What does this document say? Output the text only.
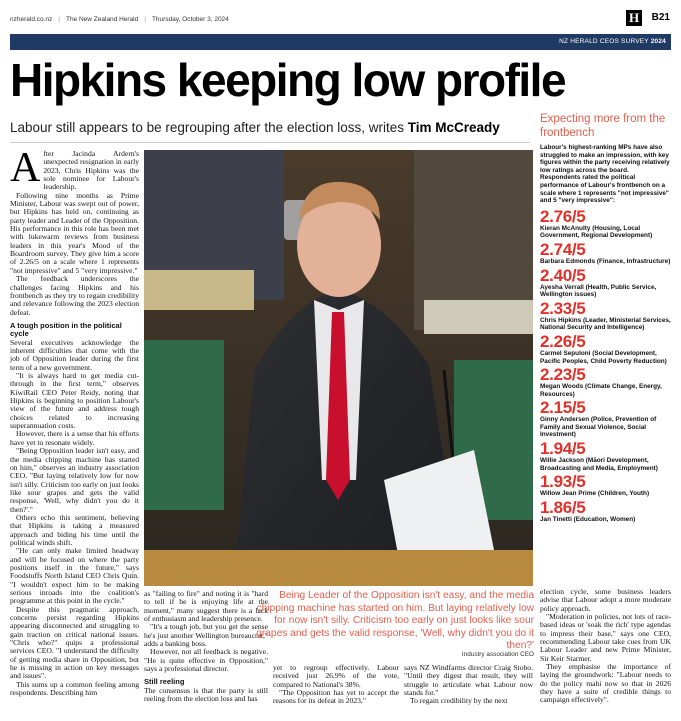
nzherald.co.nz | The New Zealand Herald | Thursday, October 3, 2024	H B21
NZ HERALD CEOS SURVEY 2024
Hipkins keeping low profile
Labour still appears to be regrouping after the election loss, writes Tim McCready

After Jacinda Ardern's unexpected resignation in early 2023, Chris Hipkins was the sole nominee for Labour's leadership.

Following nine months as Prime Minister, Labour was swept out of power, but Hipkins has held on, continuing as party leader and Leader of the Opposition. His performance in this role has been met with lukewarm reviews from business leaders in this year's Mood of the Boardroom survey. They give him a score of 2.26/5 on a scale where 1 represents "not impressive" and 5 "very impressive."

The feedback underscores the challenges facing Hipkins and his frontbench as they try to regain credibility and relevance following the 2023 election defeat.

A tough position in the political cycle

Several executives acknowledge the inherent difficulties that come with the job of Opposition leader during the first term of a new government.

"It is always hard to get media cut-through in the first term," observes KiwiRail CEO Peter Reidy, noting that Hipkins is beginning to position Labour's view of the future and address tough choices related to increasing superannuation costs.

However, there is a sense that his efforts have yet to resonate widely.

"Being Opposition leader isn't easy, and the media chipping machine has started on him," observes an industry association CEO. "But laying relatively low for now isn't silly. Criticism too early on just looks like sour grapes and gets the valid response, 'Well, why didn't you do it then?'."

Others echo this sentiment, believing that Hipkins is taking a measured approach and biding his time until the political winds shift.

"He can only make limited headway and will be focused on where the party positions itself in the future," says Foodstuffs North Island CEO Chris Quin. "I wouldn't expect him to be making serious inroads into the coalition's programme at this point in the cycle."

Despite this pragmatic approach, concerns persist regarding Hipkins appearing disconnected and struggling to gain traction on critical national issues. "Chris who?" quips a professional services CEO. "I understand the difficulty of getting media share in Opposition, but he is missing in action on key messages and issues".

This sums up a common feeling among respondents. Describing him

as "failing to fire" and noting it is "hard to tell if he is enjoying life at the moment," many suggest there is a lack of enthusiasm and leadership presence.

"It's a tough job, but you get the sense he's just another Wellington bureaucrat," adds a banking boss.

However, not all feedback is negative. "He is quite effective in Opposition," says a professional director.

Still reeling

The consensus is that the party is still reeling from the election loss and has

Being Leader of the Opposition isn't easy, and the media chipping machine has started on him. But laying relatively low for now isn't silly. Criticism too early on just looks like sour grapes and gets the valid response, 'Well, why didn't you do it then?'
Industry association CEO

yet to regroup effectively. Labour received just 26.9% of the vote, compared to National's 38%.

"The Opposition has yet to accept the reasons for its defeat in 2023,"

says NZ Windfarms director Craig Stobo. "Until they digest that result, they will struggle to articulate what Labour now stands for."

To regain credibility by the next

Expecting more from the frontbench
Labour's highest-ranking MPs have also struggled to make an impression, with key figures within the party receiving relatively low ratings across the board. Respondents rated the political performance of Labour's frontbench on a scale where 1 represents "not impressive" and 5 "very impressive":
2.76/5
Kieran McAnulty (Housing, Local Government, Regional Development)
2.74/5
Barbara Edmonds (Finance, Infrastructure)
2.40/5
Ayesha Verrall (Health, Public Service, Wellington issues)
2.33/5
Chris Hipkins (Leader, Ministerial Services, National Security and Intelligence)
2.26/5
Carmel Sepuloni (Social Development, Pacific Peoples, Child Poverty Reduction)
2.23/5
Megan Woods (Climate Change, Energy, Resources)
2.15/5
Ginny Andersen (Police, Prevention of Family and Sexual Violence, Social Investment)
1.94/5
Willie Jackson (Māori Development, Broadcasting and Media, Employment)
1.93/5
Willow Jean Prime (Children, Youth)
1.86/5
Jan Tinetti (Education, Women)

election cycle, some business leaders advise that Labour adopt a more moderate policy approach.

"Moderation in policies, not lots of race-based ideas or 'soak the rich' type agendas to impress their base," says one CEO, recommending Labour take cues from UK Labour Leader and new Prime Minister, Sir Keir Starmer.

They emphasise the importance of laying the groundwork: "Labour needs to do the policy mahi now so that in 2026 they have a suite of credible things to campaign effectively".
